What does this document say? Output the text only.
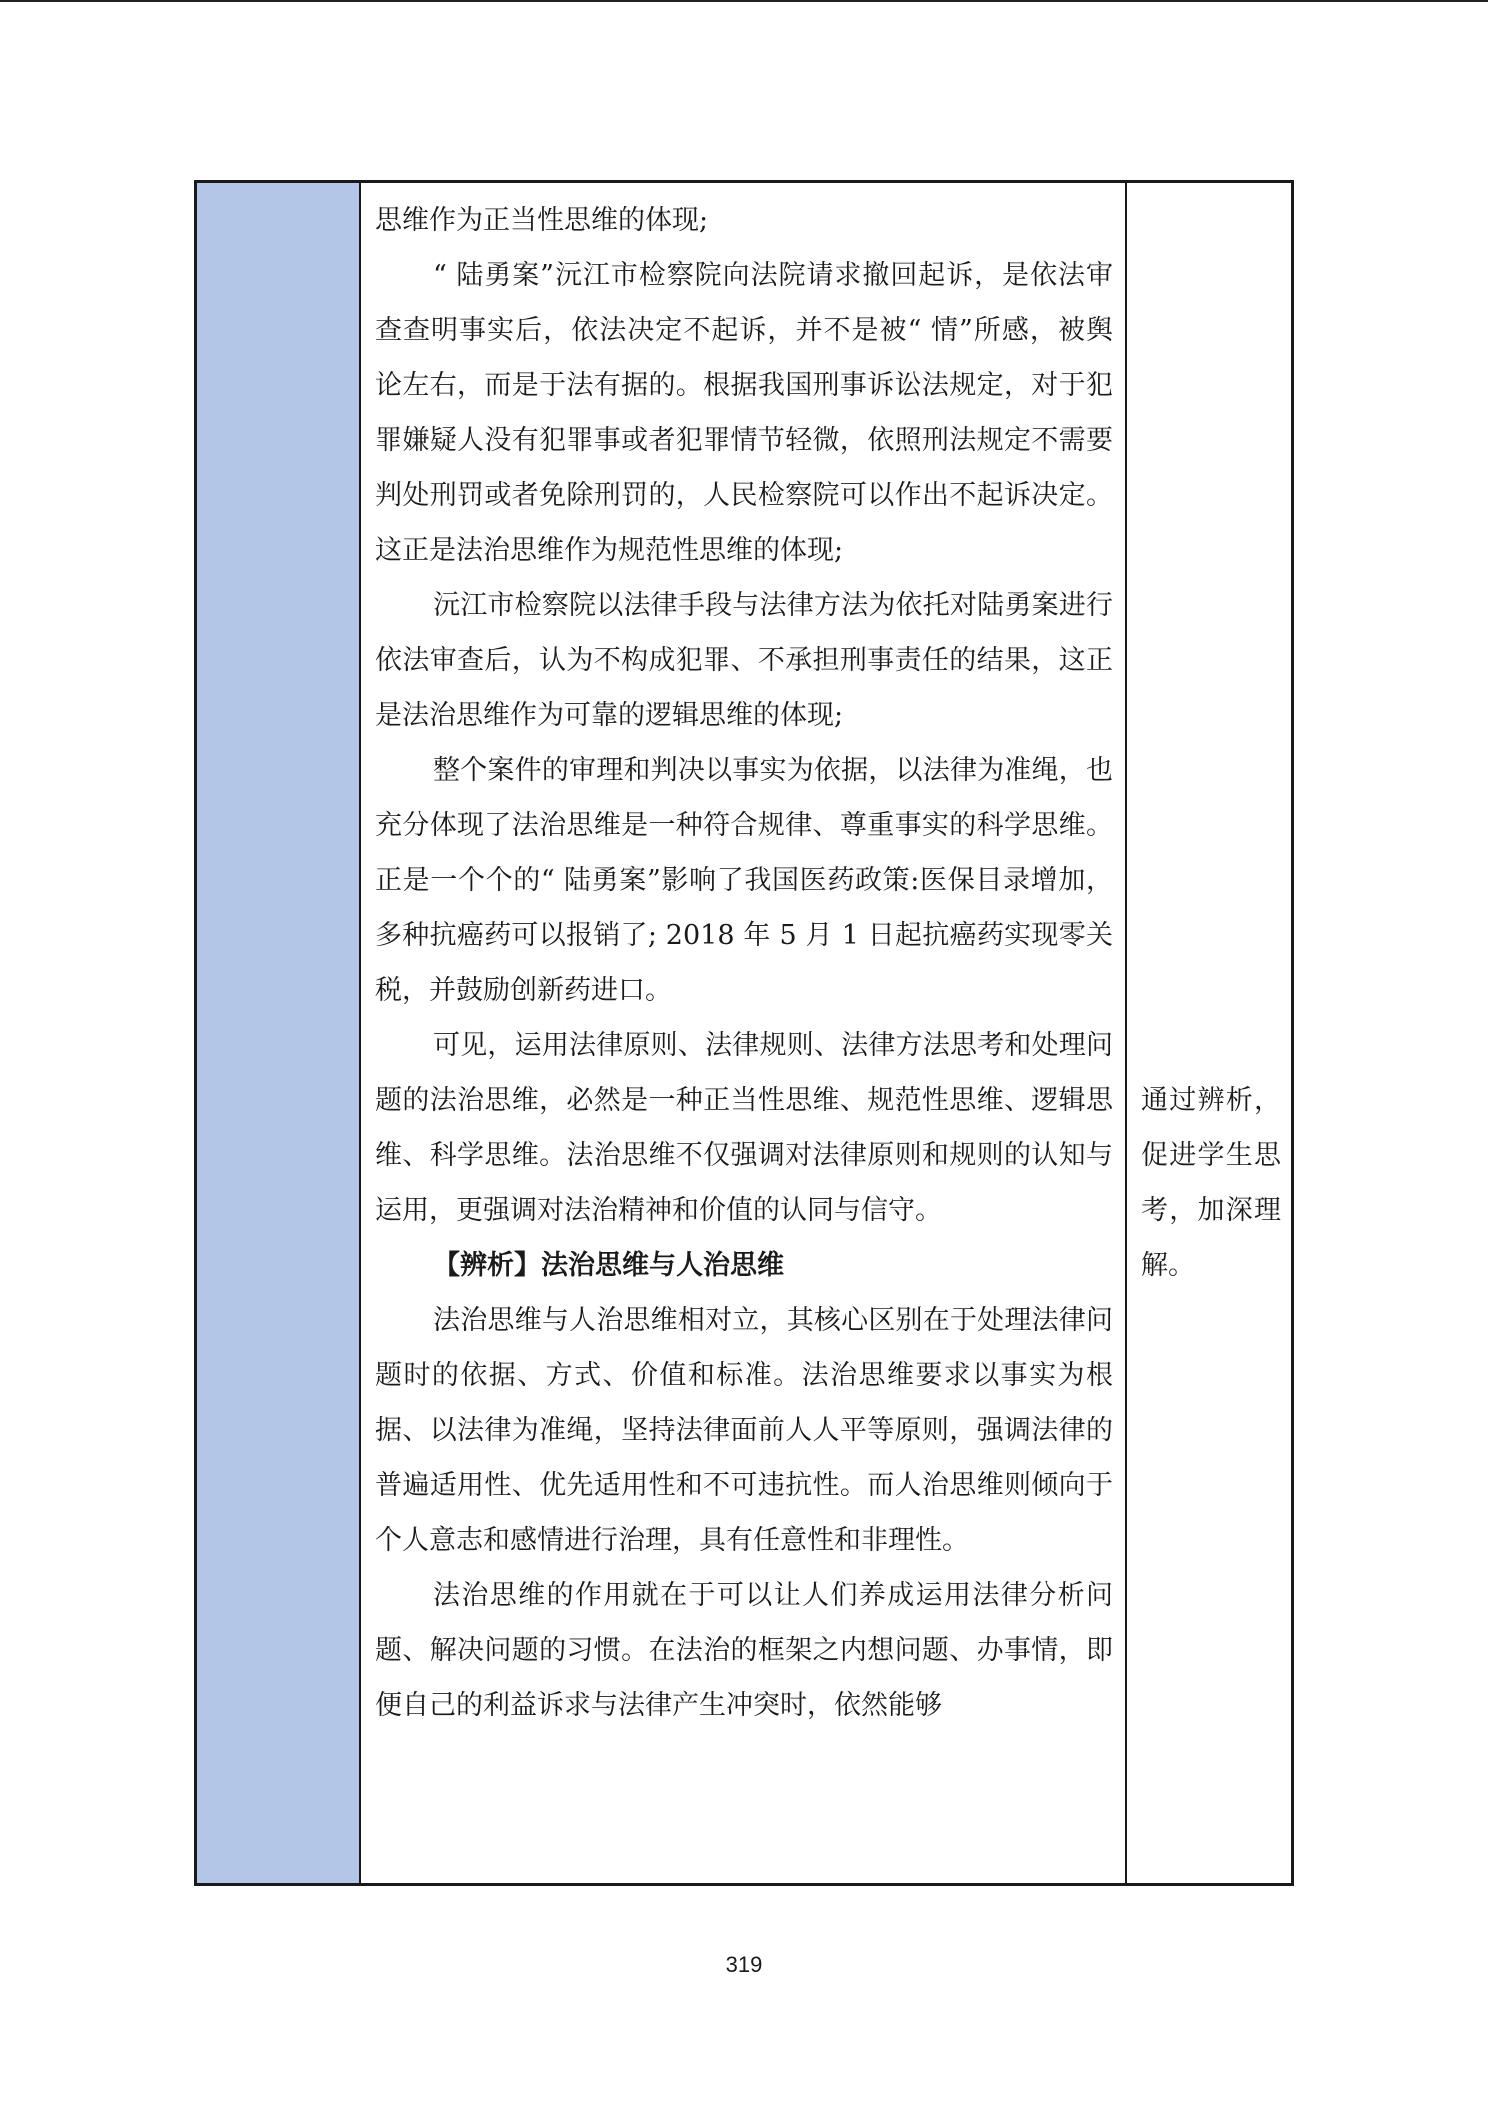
思维作为正当性思维的体现;

“ 陆勇案”沅江市检察院向法院请求撤回起诉，是依法审查查明事实后，依法决定不起诉，并不是被“ 情”所感，被舆论左右，而是于法有据的。根据我国刑事诉讼法规定，对于犯罪嫌疑人没有犯罪事或者犯罪情节轻微，依照刑法规定不需要判处刑罚或者免除刑罚的，人民检察院可以作出不起诉决定。这正是法治思维作为规范性思维的体现;

沅江市检察院以法律手段与法律方法为依托对陆勇案进行依法审查后，认为不构成犯罪、不承担刑事责任的结果，这正是法治思维作为可靠的逻辑思维的体现;

整个案件的审理和判决以事实为依据，以法律为准绳，也充分体现了法治思维是一种符合规律、尊重事实的科学思维。正是一个个的“ 陆勇案”影响了我国医药政策:医保目录增加，多种抗癌药可以报销了; 2018 年 5 月 1 日起抗癌药实现零关税，并鼓励创新药进口。

可见，运用法律原则、法律规则、法律方法思考和处理问题的法治思维，必然是一种正当性思维、规范性思维、逻辑思维、科学思维。法治思维不仅强调对法律原则和规则的认知与运用，更强调对法治精神和价值的认同与信守。

【辨析】法治思维与人治思维

法治思维与人治思维相对立，其核心区别在于处理法律问题时的依据、方式、价值和标准。法治思维要求以事实为根据、以法律为准绳，坚持法律面前人人平等原则，强调法律的普遍适用性、优先适用性和不可违抗性。而人治思维则倾向于个人意志和感情进行治理，具有任意性和非理性。

法治思维的作用就在于可以让人们养成运用法律分析问题、解决问题的习惯。在法治的框架之内想问题、办事情，即便自己的利益诉求与法律产生冲突时，依然能够

通过辨析，促进学生思考，加深理解。

319
